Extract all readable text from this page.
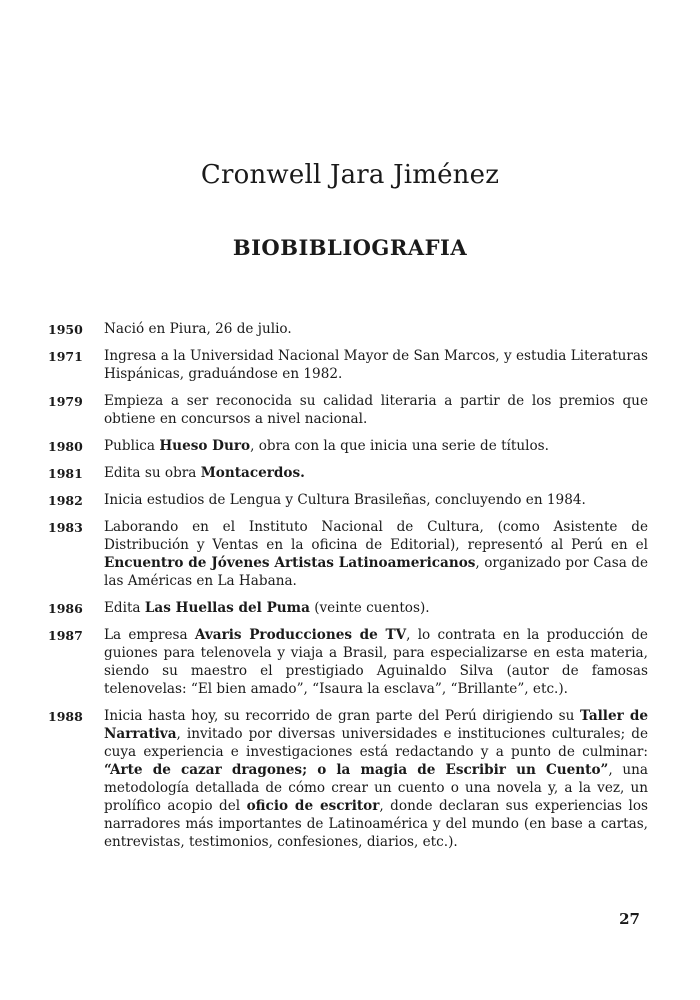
Cronwell Jara Jiménez
BIOBIBLIOGRAFIA
1950	Nació en Piura, 26 de julio.
1971	Ingresa a la Universidad Nacional Mayor de San Marcos, y estudia Literaturas Hispánicas, graduándose en 1982.
1979	Empieza a ser reconocida su calidad literaria a partir de los premios que obtiene en concursos a nivel nacional.
1980	Publica Hueso Duro, obra con la que inicia una serie de títulos.
1981	Edita su obra Montacerdos.
1982	Inicia estudios de Lengua y Cultura Brasileñas, concluyendo en 1984.
1983	Laborando en el Instituto Nacional de Cultura, (como Asistente de Distribución y Ventas en la oficina de Editorial), representó al Perú en el Encuentro de Jóvenes Artistas Latinoamericanos, organizado por Casa de las Américas en La Habana.
1986	Edita Las Huellas del Puma (veinte cuentos).
1987	La empresa Avaris Producciones de TV, lo contrata en la producción de guiones para telenovela y viaja a Brasil, para especializarse en esta materia, siendo su maestro el prestigiado Aguinaldo Silva (autor de famosas telenovelas: “El bien amado”, “Isaura la esclava”, “Brillante”, etc.).
1988	Inicia hasta hoy, su recorrido de gran parte del Perú dirigiendo su Taller de Narrativa, invitado por diversas universidades e instituciones culturales; de cuya experiencia e investigaciones está redactando y a punto de culminar: “Arte de cazar dragones; o la magia de Escribir un Cuento”, una metodología detallada de cómo crear un cuento o una novela y, a la vez, un prolífico acopio del oficio de escritor, donde declaran sus experiencias los narradores más importantes de Latinoamérica y del mundo (en base a cartas, entrevistas, testimonios, confesiones, diarios, etc.).
27
